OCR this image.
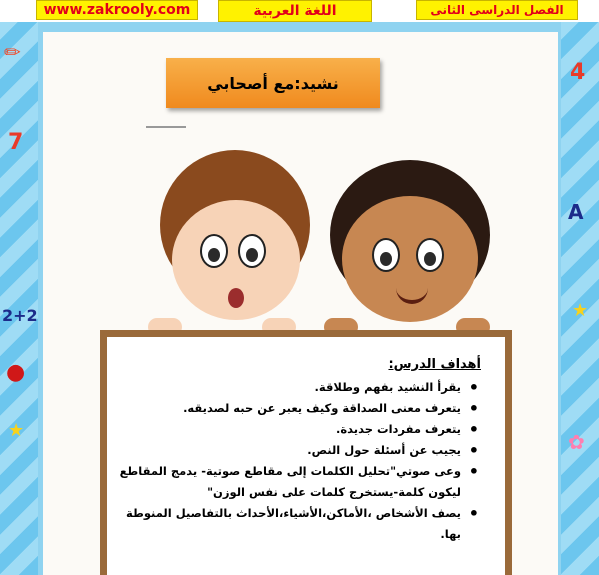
✏
7
2+2
●
★
4
A
★
✿
www.zakrooly.com	اللغة العربية	الفصل الدراسى الثانى
نشيد:مع أصحابي
أهداف الدرس:
• يقرأ النشيد بفهم وطلاقة.
• يتعرف معنى الصداقة وكيف يعبر عن حبه لصديقه.
• يتعرف مفردات جديدة.
• يجيب عن أسئلة حول النص.
• وعى صوتي"تحليل الكلمات إلى مقاطع صوتية- يدمج المقاطع ليكون كلمة-يستخرج كلمات على نفس الوزن"
• يصف الأشخاص ،الأماكن،الأشياء،الأحداث بالتفاصيل المنوطة بها.
